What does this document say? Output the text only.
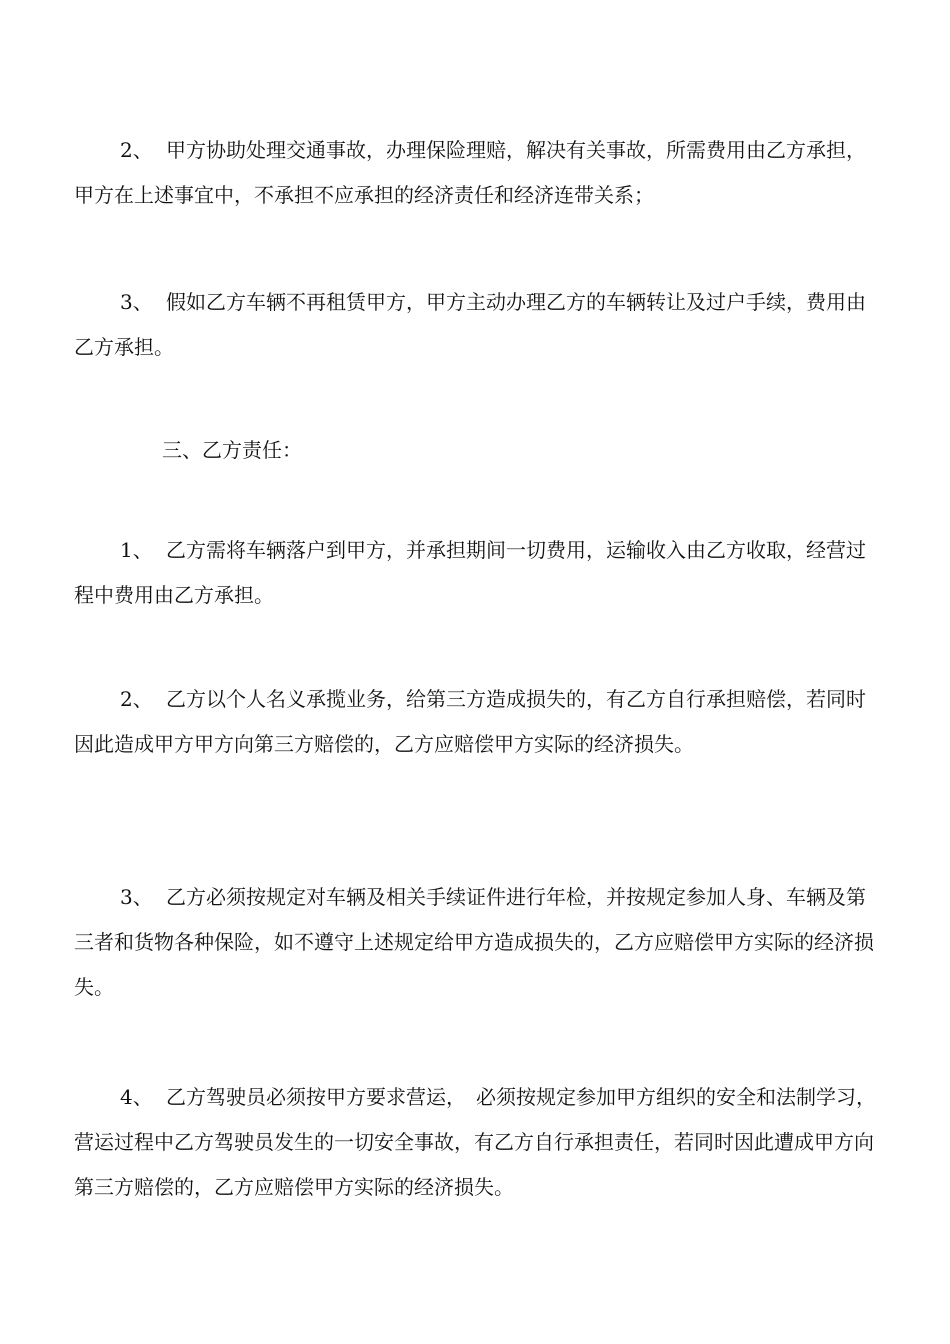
2、 甲方协助处理交通事故，办理保险理赔，解决有关事故，所需费用由乙方承担，甲方在上述事宜中，不承担不应承担的经济责任和经济连带关系；

3、 假如乙方车辆不再租赁甲方，甲方主动办理乙方的车辆转让及过户手续，费用由乙方承担。

三、乙方责任：

1、 乙方需将车辆落户到甲方，并承担期间一切费用，运输收入由乙方收取，经营过程中费用由乙方承担。

2、 乙方以个人名义承揽业务，给第三方造成损失的，有乙方自行承担赔偿，若同时因此造成甲方甲方向第三方赔偿的，乙方应赔偿甲方实际的经济损失。

3、 乙方必须按规定对车辆及相关手续证件进行年检，并按规定参加人身、车辆及第三者和货物各种保险，如不遵守上述规定给甲方造成损失的，乙方应赔偿甲方实际的经济损失。

4、 乙方驾驶员必须按甲方要求营运，　必须按规定参加甲方组织的安全和法制学习，营运过程中乙方驾驶员发生的一切安全事故，有乙方自行承担责任，若同时因此遭成甲方向第三方赔偿的，乙方应赔偿甲方实际的经济损失。
